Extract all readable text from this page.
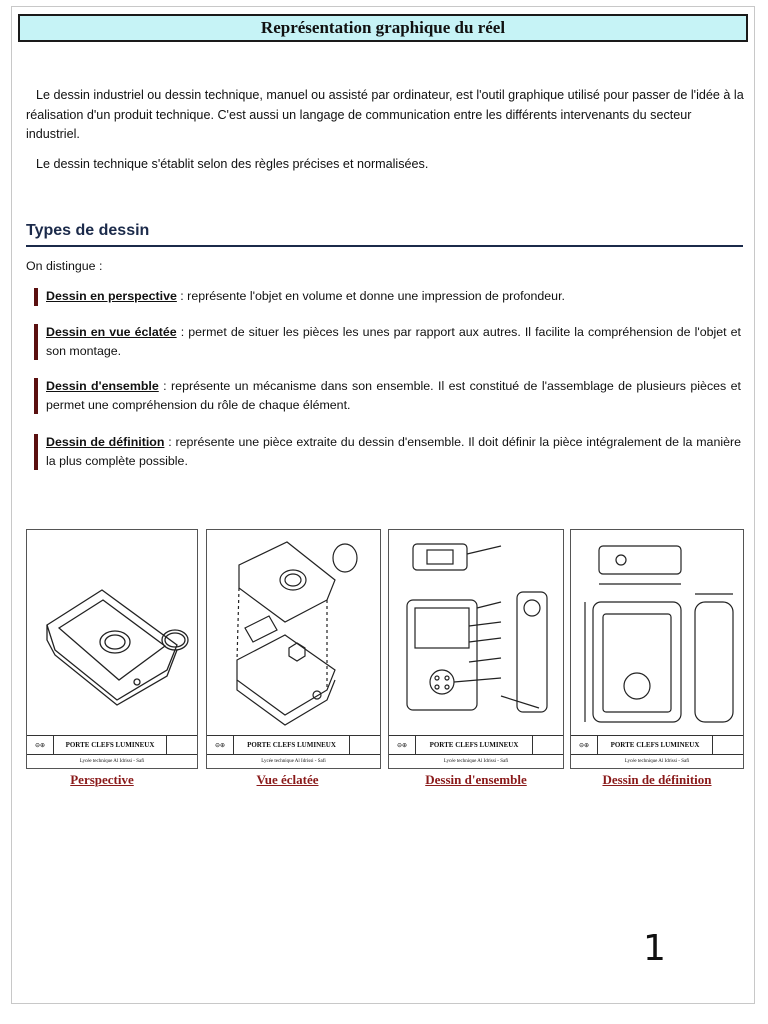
Représentation graphique du réel

Le dessin industriel ou dessin technique, manuel ou assisté par ordinateur, est l'outil graphique utilisé pour passer de l'idée à la réalisation d'un produit technique. C'est aussi un langage de communication entre les différents intervenants du secteur industriel.

Le dessin technique s'établit selon des règles précises et normalisées.

Types de dessin
On distingue :
Dessin en perspective : représente l'objet en volume et donne une impression de profondeur.
Dessin en vue éclatée : permet de situer les pièces les unes par rapport aux autres. Il facilite la compréhension de l'objet et son montage.
Dessin d'ensemble : représente un mécanisme dans son ensemble. Il est constitué de l'assemblage de plusieurs pièces et permet une compréhension du rôle de chaque élément.
Dessin de définition : représente une pièce extraite du dessin d'ensemble. Il doit définir la pièce intégralement de la manière la plus complète possible.
⊖⊕	PORTE CLEFS LUMINEUX
Lycée technique Al Idrissi - Safi
⊖⊕	PORTE CLEFS LUMINEUX
Lycée technique Al Idrissi - Safi
⊖⊕	PORTE CLEFS LUMINEUX
Lycée technique Al Idrissi - Safi
⊖⊕	PORTE CLEFS LUMINEUX
Lycée technique Al Idrissi - Safi
Perspective	Vue éclatée	Dessin d'ensemble	Dessin de définition
1
